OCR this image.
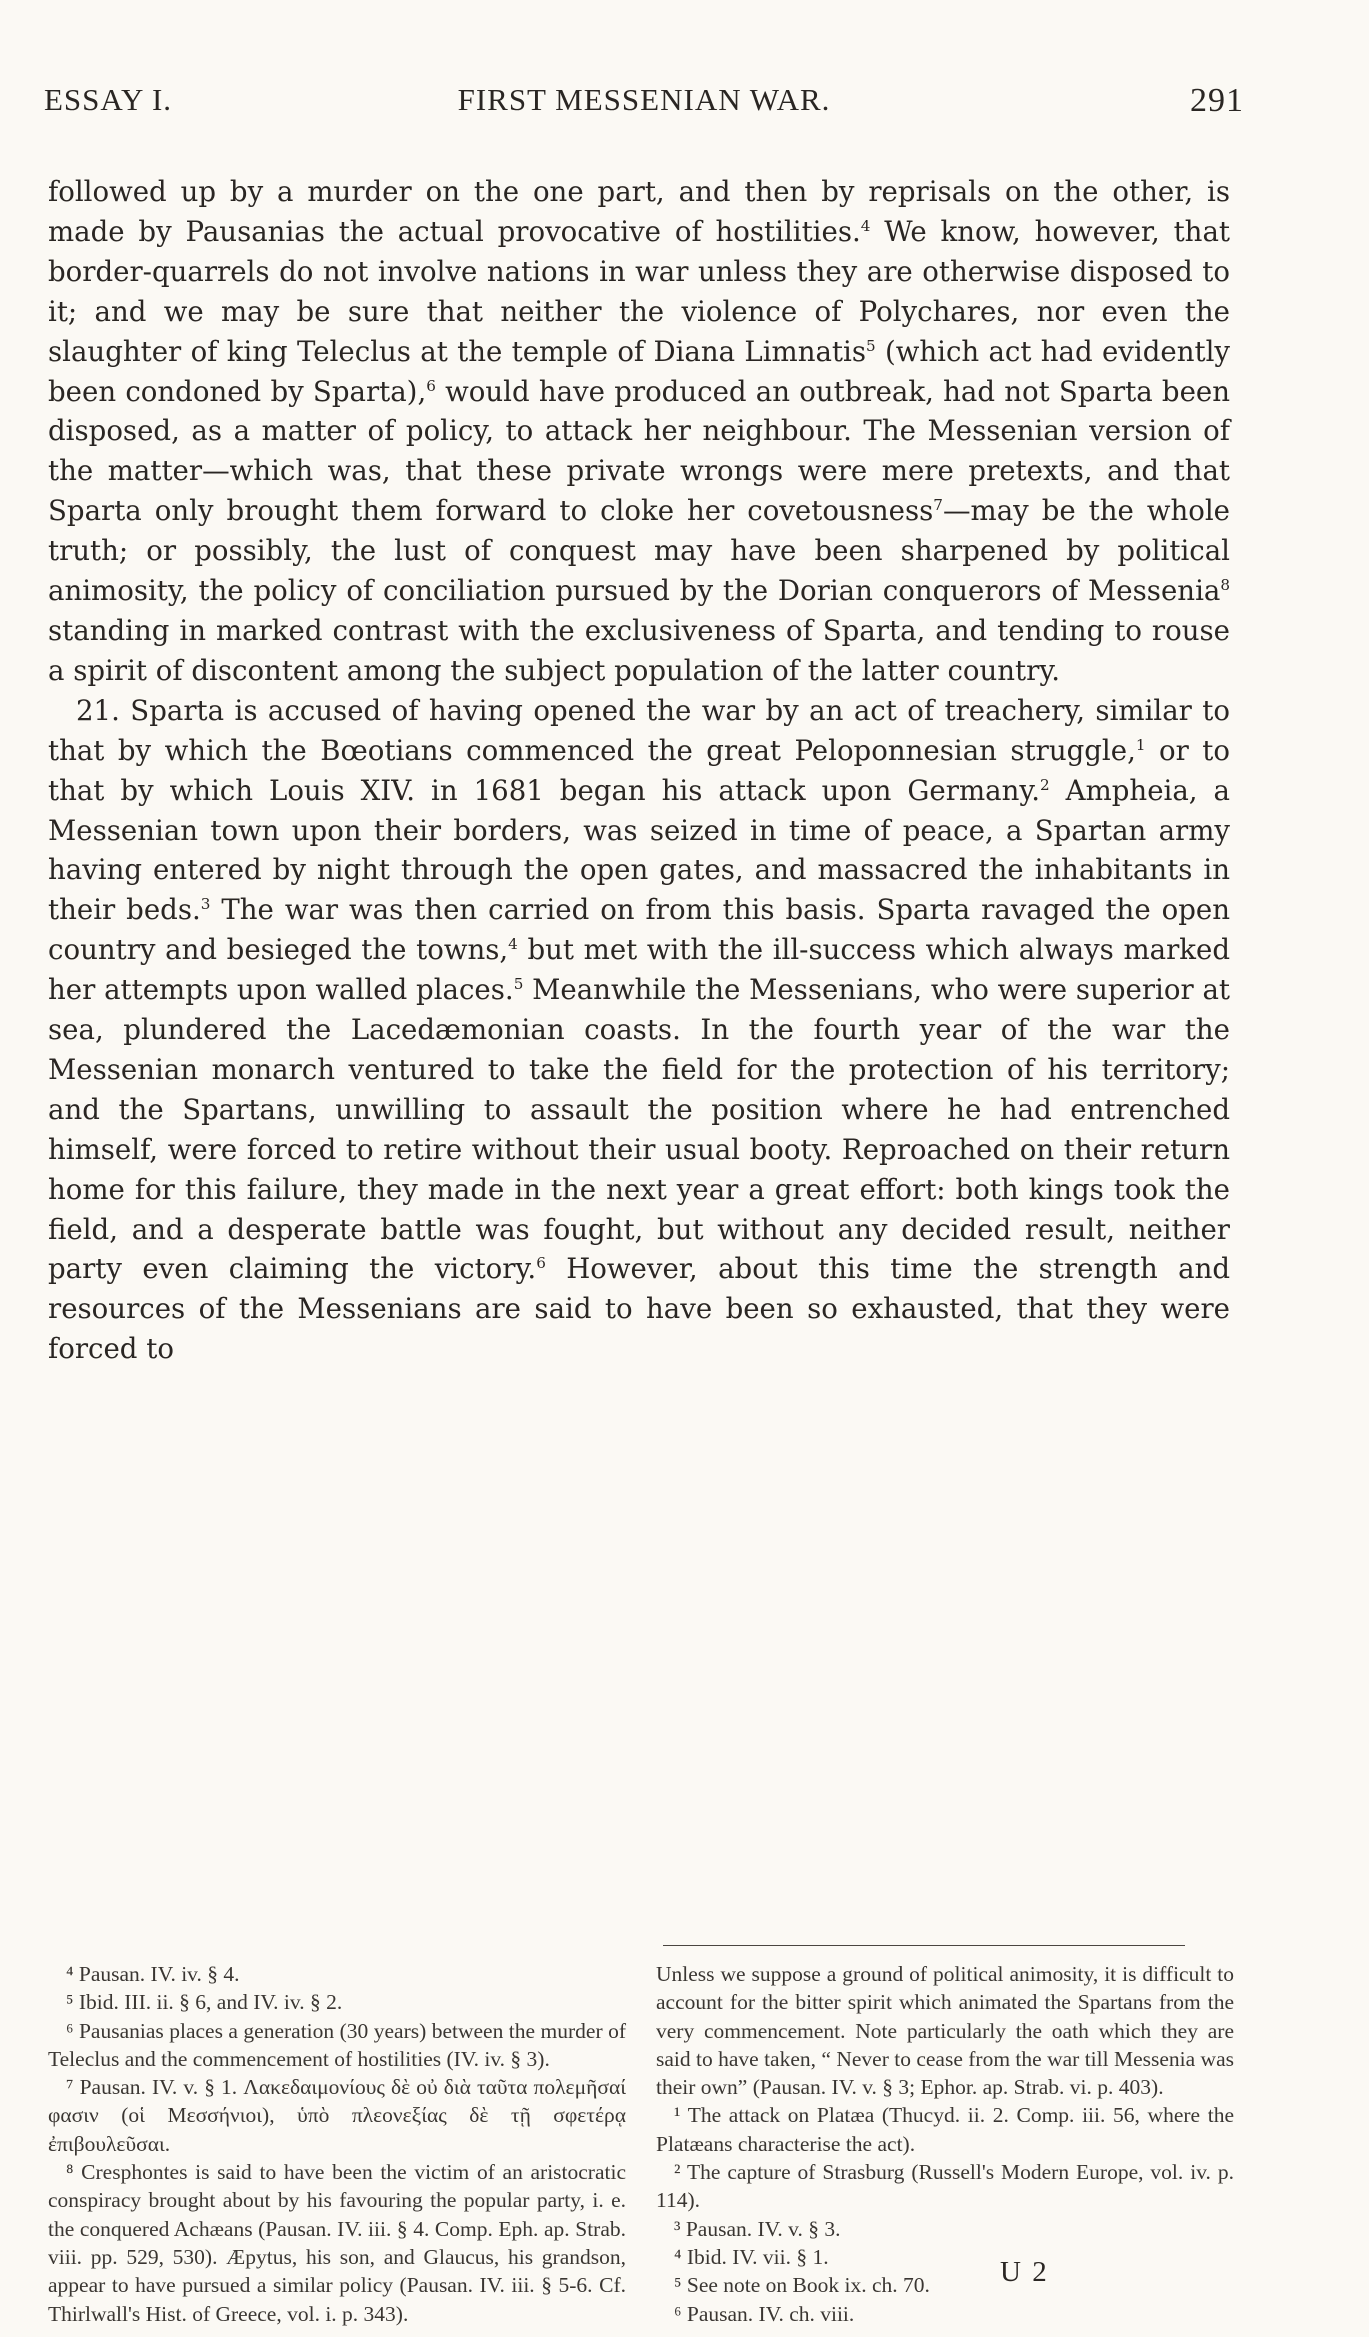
ESSAY I.	FIRST MESSENIAN WAR.	291

followed up by a murder on the one part, and then by reprisals on the other, is made by Pausanias the actual provocative of hostilities.$^4$ We know, however, that border-quarrels do not involve nations in war unless they are otherwise disposed to it; and we may be sure that neither the violence of Polychares, nor even the slaughter of king Teleclus at the temple of Diana Limnatis$^5$ (which act had evidently been condoned by Sparta),$^6$ would have produced an outbreak, had not Sparta been disposed, as a matter of policy, to attack her neighbour. The Messenian version of the matter—which was, that these private wrongs were mere pretexts, and that Sparta only brought them forward to cloke her covetousness$^7$—may be the whole truth; or possibly, the lust of conquest may have been sharpened by political animosity, the policy of conciliation pursued by the Dorian conquerors of Messenia$^8$ standing in marked contrast with the exclusiveness of Sparta, and tending to rouse a spirit of discontent among the subject population of the latter country.

21. Sparta is accused of having opened the war by an act of treachery, similar to that by which the Bœotians commenced the great Peloponnesian struggle,$^1$ or to that by which Louis XIV. in 1681 began his attack upon Germany.$^2$ Ampheia, a Messenian town upon their borders, was seized in time of peace, a Spartan army having entered by night through the open gates, and massacred the inhabitants in their beds.$^3$ The war was then carried on from this basis. Sparta ravaged the open country and besieged the towns,$^4$ but met with the ill-success which always marked her attempts upon walled places.$^5$ Meanwhile the Messenians, who were superior at sea, plundered the Lacedæmonian coasts. In the fourth year of the war the Messenian monarch ventured to take the field for the protection of his territory; and the Spartans, unwilling to assault the position where he had entrenched himself, were forced to retire without their usual booty. Reproached on their return home for this failure, they made in the next year a great effort: both kings took the field, and a desperate battle was fought, but without any decided result, neither party even claiming the victory.$^6$ However, about this time the strength and resources of the Messenians are said to have been so exhausted, that they were forced to

⁴ Pausan. IV. iv. § 4.

⁵ Ibid. III. ii. § 6, and IV. iv. § 2.

⁶ Pausanias places a generation (30 years) between the murder of Teleclus and the commencement of hostilities (IV. iv. § 3).

⁷ Pausan. IV. v. § 1. Λακεδαιμονίους δὲ οὐ διὰ ταῦτα πολεμῆσαί φασιν (οἱ Μεσσήνιοι), ὑπὸ πλεονεξίας δὲ τῇ σφετέρᾳ ἐπιβουλεῦσαι.

⁸ Cresphontes is said to have been the victim of an aristocratic conspiracy brought about by his favouring the popular party, i. e. the conquered Achæans (Pausan. IV. iii. § 4. Comp. Eph. ap. Strab. viii. pp. 529, 530). Æpytus, his son, and Glaucus, his grandson, appear to have pursued a similar policy (Pausan. IV. iii. § 5-6. Cf. Thirlwall's Hist. of Greece, vol. i. p. 343).

Unless we suppose a ground of political animosity, it is difficult to account for the bitter spirit which animated the Spartans from the very commencement. Note particularly the oath which they are said to have taken, “ Never to cease from the war till Messenia was their own” (Pausan. IV. v. § 3; Ephor. ap. Strab. vi. p. 403).

¹ The attack on Platæa (Thucyd. ii. 2. Comp. iii. 56, where the Platæans characterise the act).

² The capture of Strasburg (Russell's Modern Europe, vol. iv. p. 114).

³ Pausan. IV. v. § 3.

⁴ Ibid. IV. vii. § 1.

⁵ See note on Book ix. ch. 70.

⁶ Pausan. IV. ch. viii.

U 2
